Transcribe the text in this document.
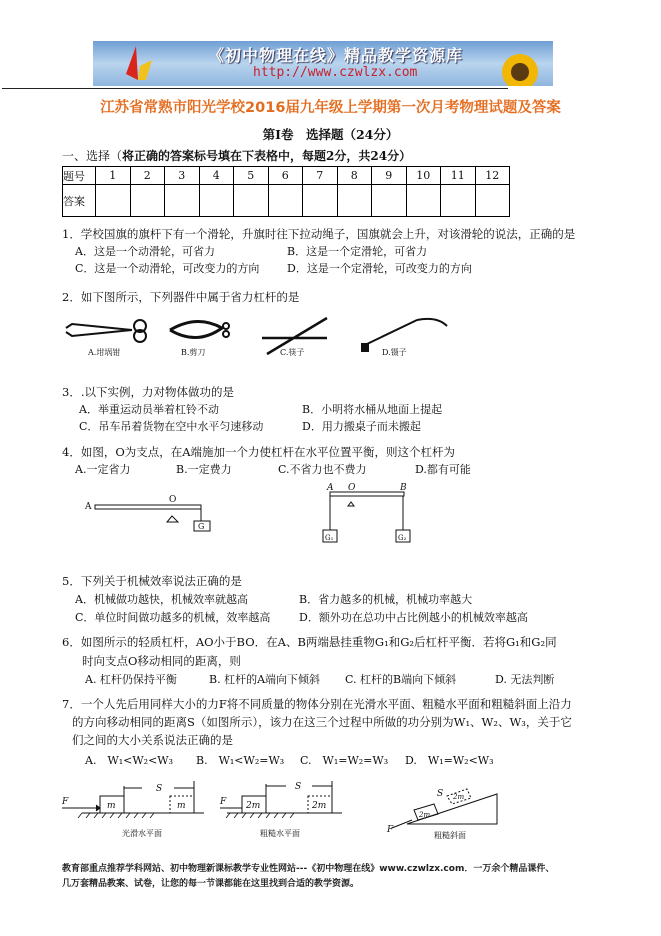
《初中物理在线》精品教学资源库
http://www.czwlzx.com
江苏省常熟市阳光学校2016届九年级上学期第一次月考物理试题及答案
第Ⅰ卷　选择题（24分）
一、选择（将正确的答案标号填在下表格中，每题2分，共24分）
题号	1	2	3	4	5	6	7	8	9	10	11	12
答案												
1．学校国旗的旗杆下有一个滑轮，升旗时往下拉动绳子，国旗就会上升，对该滑轮的说法，正确的是
A．这是一个动滑轮，可省力	B．这是一个定滑轮，可省力
C．这是一个动滑轮，可改变力的方向	D．这是一个定滑轮，可改变力的方向
2．如下图所示，下列器件中属于省力杠杆的是
A.坩埚钳	B.剪刀	C.筷子	D.镊子
3．.以下实例，力对物体做功的是
A．举重运动员举着杠铃不动	B．小明将水桶从地面上提起
C．吊车吊着货物在空中水平匀速移动	D．用力搬桌子而未搬起
4．如图，O为支点，在A端施加一个力使杠杆在水平位置平衡，则这个杠杆为
A.一定省力	B.一定费力	C.不省力也不费力	D.都有可能
A
O
G
A O	B
G₁	G₂
5．下列关于机械效率说法正确的是
A．机械做功越快，机械效率就越高	B．省力越多的机械，机械功率越大
C．单位时间做功越多的机械，效率越高	D．额外功在总功中占比例越小的机械效率越高
6．如图所示的轻质杠杆，AO小于BO．在A、B两端悬挂重物G₁和G₂后杠杆平衡．若将G₁和G₂同
时向支点O移动相同的距离，则
A. 杠杆仍保持平衡	B. 杠杆的A端向下倾斜 C. 杠杆的B端向下倾斜	D. 无法判断
7．一个人先后用同样大小的力F将不同质量的物体分别在光滑水平面、粗糙水平面和粗糙斜面上沿力
的方向移动相同的距离S（如图所示），该力在这三个过程中所做的功分别为W₁、W₂、W₃，关于它
们之间的大小关系说法正确的是
A.　W₁<W₂<W₃ B.　W₁<W₂=W₃ C.　W₁=W₂=W₃ D.　W₁=W₂<W₃
F
S
m	m	F
S
2m	2m
F
S
2m
2m
光滑水平面	粗糙水平面	粗糙斜面
教育部重点推荐学科网站、初中物理新课标教学专业性网站---《初中物理在线》www.czwlzx.com．一万余个精品课件、
几万套精品教案、试卷，让您的每一节课都能在这里找到合适的教学资源。
